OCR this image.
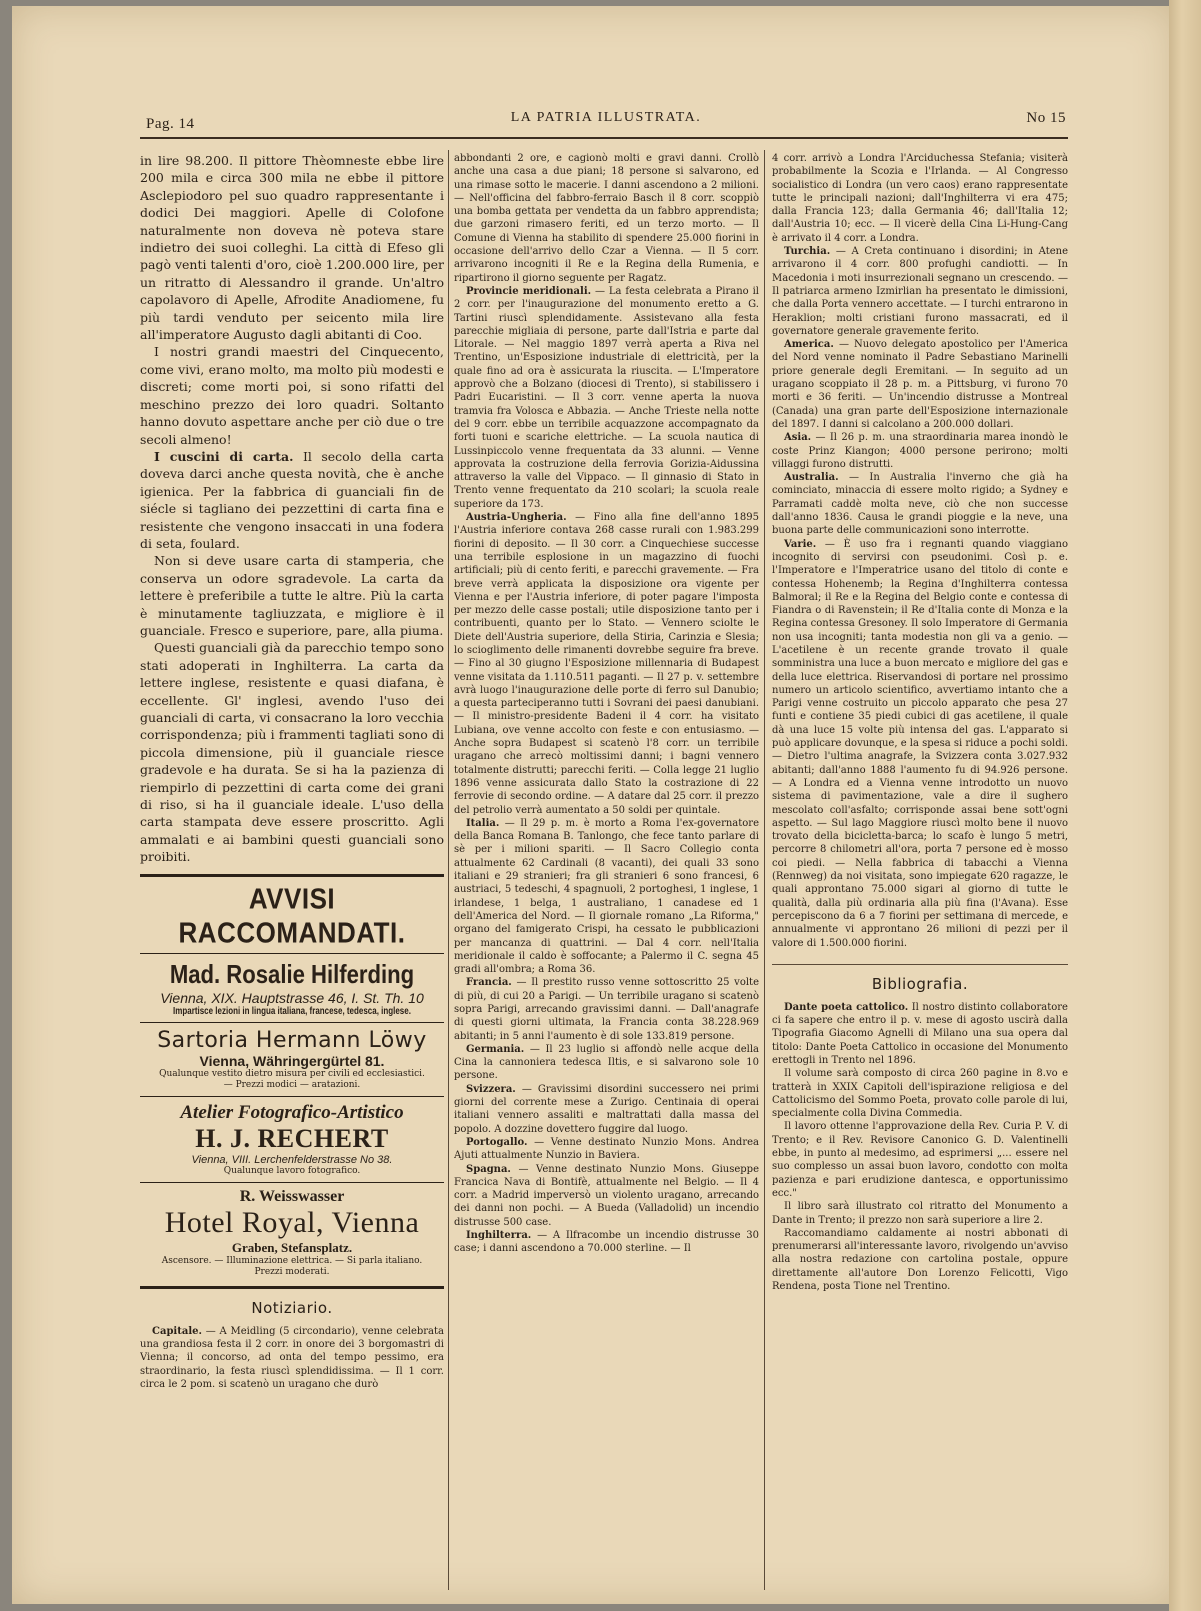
Pag. 14	LA PATRIA ILLUSTRATA.	No 15

in lire 98.200. Il pittore Thèomneste ebbe lire 200 mila e circa 300 mila ne ebbe il pittore Asclepiodoro pel suo quadro rappresentante i dodici Dei maggiori. Apelle di Colofone naturalmente non doveva nè poteva stare indietro dei suoi colleghi. La città di Efeso gli pagò venti talenti d'oro, cioè 1.200.000 lire, per un ritratto di Alessandro il grande. Un'altro capolavoro di Apelle, Afrodite Anadiomene, fu più tardi venduto per seicento mila lire all'imperatore Augusto dagli abitanti di Coo.

I nostri grandi maestri del Cinquecento, come vivi, erano molto, ma molto più modesti e discreti; come morti poi, si sono rifatti del meschino prezzo dei loro quadri. Soltanto hanno dovuto aspettare anche per ciò due o tre secoli almeno!

I cuscini di carta. Il secolo della carta doveva darci anche questa novità, che è anche igienica. Per la fabbrica di guanciali fin de siécle si tagliano dei pezzettini di carta fina e resistente che vengono insaccati in una fodera di seta, foulard.

Non si deve usare carta di stamperia, che conserva un odore sgradevole. La carta da lettere è preferibile a tutte le altre. Più la carta è minutamente tagliuzzata, e migliore è il guanciale. Fresco e superiore, pare, alla piuma.

Questi guanciali già da parecchio tempo sono stati adoperati in Inghilterra. La carta da lettere inglese, resistente e quasi diafana, è eccellente. Gl' inglesi, avendo l'uso dei guanciali di carta, vi consacrano la loro vecchia corrispondenza; più i frammenti tagliati sono di piccola dimensione, più il guanciale riesce gradevole e ha durata. Se si ha la pazienza di riempirlo di pezzettini di carta come dei grani di riso, si ha il guanciale ideale. L'uso della carta stampata deve essere proscritto. Agli ammalati e ai bambini questi guanciali sono proibiti.

AVVISI RACCOMANDATI.
Mad. Rosalie Hilferding
Vienna, XIX. Hauptstrasse 46, I. St. Th. 10
Impartisce lezioni in lingua italiana, francese, tedesca, inglese.
Sartoria Hermann Löwy
Vienna, Währingergürtel 81.
Qualunque vestito dietro misura per civili ed ecclesiastici.
— Prezzi modici — aratazioni.
Atelier Fotografico-Artistico
H. J. RECHERT
Vienna, VIII. Lerchenfelderstrasse No 38.
Qualunque lavoro fotografico.
R. Weisswasser
Hotel Royal, Vienna
Graben, Stefansplatz.
Ascensore. — Illuminazione elettrica. — Si parla italiano.
Prezzi moderati.
Notiziario.

Capitale. — A Meidling (5 circondario), venne celebrata una grandiosa festa il 2 corr. in onore dei 3 borgomastri di Vienna; il concorso, ad onta del tempo pessimo, era straordinario, la festa riuscì splendidissima. — Il 1 corr. circa le 2 pom. si scatenò un uragano che durò

abbondanti 2 ore, e cagionò molti e gravi danni. Crollò anche una casa a due piani; 18 persone si salvarono, ed una rimase sotto le macerie. I danni ascendono a 2 milioni. — Nell'officina del fabbro-ferraio Basch il 8 corr. scoppiò una bomba gettata per vendetta da un fabbro apprendista; due garzoni rimasero feriti, ed un terzo morto. — Il Comune di Vienna ha stabilito di spendere 25.000 fiorini in occasione dell'arrivo dello Czar a Vienna. — Il 5 corr. arrivarono incogniti il Re e la Regina della Rumenia, e ripartirono il giorno seguente per Ragatz.

Provincie meridionali. — La festa celebrata a Pirano il 2 corr. per l'inaugurazione del monumento eretto a G. Tartini riuscì splendidamente. Assistevano alla festa parecchie migliaia di persone, parte dall'Istria e parte dal Litorale. — Nel maggio 1897 verrà aperta a Riva nel Trentino, un'Esposizione industriale di elettricità, per la quale fino ad ora è assicurata la riuscita. — L'Imperatore approvò che a Bolzano (diocesi di Trento), si stabilissero i Padri Eucaristini. — Il 3 corr. venne aperta la nuova tramvia fra Volosca e Abbazia. — Anche Trieste nella notte del 9 corr. ebbe un terribile acquazzone accompagnato da forti tuoni e scariche elettriche. — La scuola nautica di Lussinpiccolo venne frequentata da 33 alunni. — Venne approvata la costruzione della ferrovia Gorizia-Aidussina attraverso la valle del Vippaco. — Il ginnasio di Stato in Trento venne frequentato da 210 scolari; la scuola reale superiore da 173.

Austria-Ungheria. — Fino alla fine dell'anno 1895 l'Austria inferiore contava 268 casse rurali con 1.983.299 fiorini di deposito. — Il 30 corr. a Cinquechiese successe una terribile esplosione in un magazzino di fuochi artificiali; più di cento feriti, e parecchi gravemente. — Fra breve verrà applicata la disposizione ora vigente per Vienna e per l'Austria inferiore, di poter pagare l'imposta per mezzo delle casse postali; utile disposizione tanto per i contribuenti, quanto per lo Stato. — Vennero sciolte le Diete dell'Austria superiore, della Stiria, Carinzia e Slesia; lo scioglimento delle rimanenti dovrebbe seguire fra breve. — Fino al 30 giugno l'Esposizione millennaria di Budapest venne visitata da 1.110.511 paganti. — Il 27 p. v. settembre avrà luogo l'inaugurazione delle porte di ferro sul Danubio; a questa parteciperanno tutti i Sovrani dei paesi danubiani. — Il ministro-presidente Badeni il 4 corr. ha visitato Lubiana, ove venne accolto con feste e con entusiasmo. — Anche sopra Budapest si scatenò l'8 corr. un terribile uragano che arrecò moltissimi danni; i bagni vennero totalmente distrutti; parecchi feriti. — Colla legge 21 luglio 1896 venne assicurata dallo Stato la costrazione di 22 ferrovie di secondo ordine. — A datare dal 25 corr. il prezzo del petrolio verrà aumentato a 50 soldi per quintale.

Italia. — Il 29 p. m. è morto a Roma l'ex-governatore della Banca Romana B. Tanlongo, che fece tanto parlare di sè per i milioni spariti. — Il Sacro Collegio conta attualmente 62 Cardinali (8 vacanti), dei quali 33 sono italiani e 29 stranieri; fra gli stranieri 6 sono francesi, 6 austriaci, 5 tedeschi, 4 spagnuoli, 2 portoghesi, 1 inglese, 1 irlandese, 1 belga, 1 australiano, 1 canadese ed 1 dell'America del Nord. — Il giornale romano „La Riforma," organo del famigerato Crispi, ha cessato le pubblicazioni per mancanza di quattrini. — Dal 4 corr. nell'Italia meridionale il caldo è soffocante; a Palermo il C. segna 45 gradi all'ombra; a Roma 36.

Francia. — Il prestito russo venne sottoscritto 25 volte di più, di cui 20 a Parigi. — Un terribile uragano si scatenò sopra Parigi, arrecando gravissimi danni. — Dall'anagrafe di questi giorni ultimata, la Francia conta 38.228.969 abitanti; in 5 anni l'aumento è di sole 133.819 persone.

Germania. — Il 23 luglio si affondò nelle acque della Cina la cannoniera tedesca Iltis, e si salvarono sole 10 persone.

Svizzera. — Gravissimi disordini successero nei primi giorni del corrente mese a Zurigo. Centinaia di operai italiani vennero assaliti e maltrattati dalla massa del popolo. A dozzine dovettero fuggire dal luogo.

Portogallo. — Venne destinato Nunzio Mons. Andrea Ajuti attualmente Nunzio in Baviera.

Spagna. — Venne destinato Nunzio Mons. Giuseppe Francica Nava di Bontifè, attualmente nel Belgio. — Il 4 corr. a Madrid imperversò un violento uragano, arrecando dei danni non pochi. — A Bueda (Valladolid) un incendio distrusse 500 case.

Inghilterra. — A Ilfracombe un incendio distrusse 30 case; i danni ascendono a 70.000 sterline. — Il

4 corr. arrivò a Londra l'Arciduchessa Stefania; visiterà probabilmente la Scozia e l'Irlanda. — Al Congresso socialistico di Londra (un vero caos) erano rappresentate tutte le principali nazioni; dall'Inghilterra vi era 475; dalla Francia 123; dalla Germania 46; dall'Italia 12; dall'Austria 10; ecc. — Il vicerè della Cina Li-Hung-Cang è arrivato il 4 corr. a Londra.

Turchia. — A Creta continuano i disordini; in Atene arrivarono il 4 corr. 800 profughi candiotti. — In Macedonia i moti insurrezionali segnano un crescendo. — Il patriarca armeno Izmirlian ha presentato le dimissioni, che dalla Porta vennero accettate. — I turchi entrarono in Heraklion; molti cristiani furono massacrati, ed il governatore generale gravemente ferito.

America. — Nuovo delegato apostolico per l'America del Nord venne nominato il Padre Sebastiano Marinelli priore generale degli Eremitani. — In seguito ad un uragano scoppiato il 28 p. m. a Pittsburg, vi furono 70 morti e 36 feriti. — Un'incendio distrusse a Montreal (Canada) una gran parte dell'Esposizione internazionale del 1897. I danni si calcolano a 200.000 dollari.

Asia. — Il 26 p. m. una straordinaria marea inondò le coste Prinz Kiangon; 4000 persone perirono; molti villaggi furono distrutti.

Australia. — In Australia l'inverno che già ha cominciato, minaccia di essere molto rigido; a Sydney e Parramati caddè molta neve, ciò che non successe dall'anno 1836. Causa le grandi pioggie e la neve, una buona parte delle communicazioni sono interrotte.

Varie. — È uso fra i regnanti quando viaggiano incognito di servirsi con pseudonimi. Così p. e. l'Imperatore e l'Imperatrice usano del titolo di conte e contessa Hohenemb; la Regina d'Inghilterra contessa Balmoral; il Re e la Regina del Belgio conte e contessa di Fiandra o di Ravenstein; il Re d'Italia conte di Monza e la Regina contessa Gresoney. Il solo Imperatore di Germania non usa incogniti; tanta modestia non gli va a genio. — L'acetilene è un recente grande trovato il quale somministra una luce a buon mercato e migliore del gas e della luce elettrica. Riservandosi di portare nel prossimo numero un articolo scientifico, avvertiamo intanto che a Parigi venne costruito un piccolo apparato che pesa 27 funti e contiene 35 piedi cubici di gas acetilene, il quale dà una luce 15 volte più intensa del gas. L'apparato si può applicare dovunque, e la spesa si riduce a pochi soldi. — Dietro l'ultima anagrafe, la Svizzera conta 3.027.932 abitanti; dall'anno 1888 l'aumento fu di 94.926 persone. — A Londra ed a Vienna venne introdotto un nuovo sistema di pavimentazione, vale a dire il sughero mescolato coll'asfalto; corrisponde assai bene sott'ogni aspetto. — Sul lago Maggiore riuscì molto bene il nuovo trovato della bicicletta-barca; lo scafo è lungo 5 metri, percorre 8 chilometri all'ora, porta 7 persone ed è mosso coi piedi. — Nella fabbrica di tabacchi a Vienna (Rennweg) da noi visitata, sono impiegate 620 ragazze, le quali approntano 75.000 sigari al giorno di tutte le qualità, dalla più ordinaria alla più fina (l'Avana). Esse percepiscono da 6 a 7 fiorini per settimana di mercede, e annualmente vi approntano 26 milioni di pezzi per il valore di 1.500.000 fiorini.

Bibliografia.

Dante poeta cattolico. Il nostro distinto collaboratore ci fa sapere che entro il p. v. mese di agosto uscirà dalla Tipografia Giacomo Agnelli di Milano una sua opera dal titolo: Dante Poeta Cattolico in occasione del Monumento erettogli in Trento nel 1896.

Il volume sarà composto di circa 260 pagine in 8.vo e tratterà in XXIX Capitoli dell'ispirazione religiosa e del Cattolicismo del Sommo Poeta, provato colle parole di lui, specialmente colla Divina Commedia.

Il lavoro ottenne l'approvazione della Rev. Curia P. V. di Trento; e il Rev. Revisore Canonico G. D. Valentinelli ebbe, in punto al medesimo, ad esprimersi „... essere nel suo complesso un assai buon lavoro, condotto con molta pazienza e pari erudizione dantesca, e opportunissimo ecc."

Il libro sarà illustrato col ritratto del Monumento a Dante in Trento; il prezzo non sarà superiore a lire 2.

Raccomandiamo caldamente ai nostri abbonati di prenumerarsi all'interessante lavoro, rivolgendo un'avviso alla nostra redazione con cartolina postale, oppure direttamente all'autore Don Lorenzo Felicotti, Vigo Rendena, posta Tione nel Trentino.
